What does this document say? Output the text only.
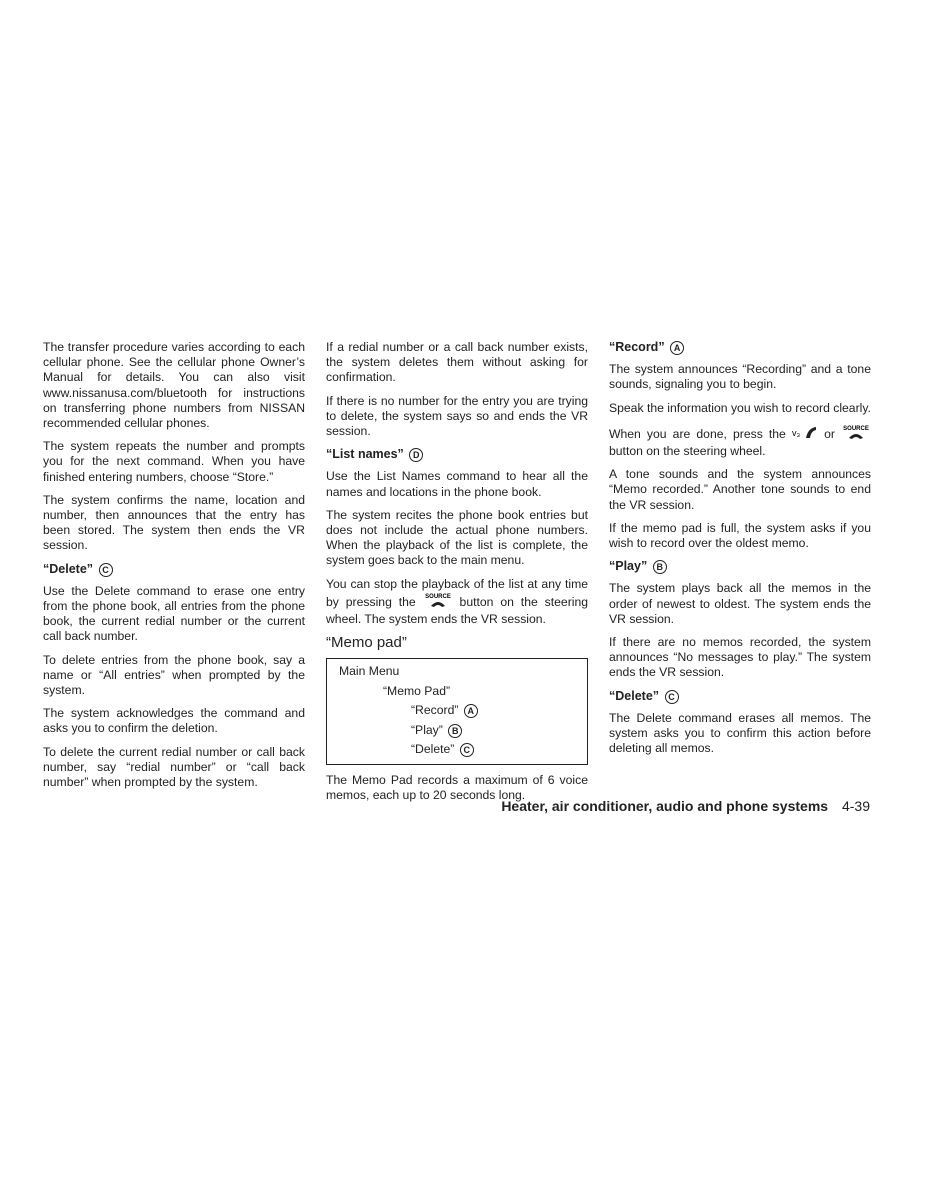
The transfer procedure varies according to each cellular phone. See the cellular phone Owner’s Manual for details. You can also visit www.nissanusa.com/bluetooth for instructions on transferring phone numbers from NISSAN recommended cellular phones.

The system repeats the number and prompts you for the next command. When you have finished entering numbers, choose “Store.”

The system confirms the name, location and number, then announces that the entry has been stored. The system then ends the VR session.

“Delete” C

Use the Delete command to erase one entry from the phone book, all entries from the phone book, the current redial number or the current call back number.

To delete entries from the phone book, say a name or “All entries” when prompted by the system.

The system acknowledges the command and asks you to confirm the deletion.

To delete the current redial number or call back number, say “redial number” or “call back number” when prompted by the system.

If a redial number or a call back number exists, the system deletes them without asking for confirmation.

If there is no number for the entry you are trying to delete, the system says so and ends the VR session.

“List names” D

Use the List Names command to hear all the names and locations in the phone book.

The system recites the phone book entries but does not include the actual phone numbers. When the playback of the list is complete, the system goes back to the main menu.

You can stop the playback of the list at any time by pressing the SOURCE button on the steering wheel. The system ends the VR session.

“Memo pad”
Main Menu
“Memo Pad”
“Record” A
“Play” B
“Delete” C

The Memo Pad records a maximum of 6 voice memos, each up to 20 seconds long.

“Record” A

The system announces “Recording” and a tone sounds, signaling you to begin.

Speak the information you wish to record clearly.

When you are done, press the v₃ or SOURCE
button on the steering wheel.

A tone sounds and the system announces “Memo recorded.” Another tone sounds to end the VR session.

If the memo pad is full, the system asks if you wish to record over the oldest memo.

“Play” B

The system plays back all the memos in the order of newest to oldest. The system ends the VR session.

If there are no memos recorded, the system announces “No messages to play.” The system ends the VR session.

“Delete” C

The Delete command erases all memos. The system asks you to confirm this action before deleting all memos.

Heater, air conditioner, audio and phone systems 4-39
